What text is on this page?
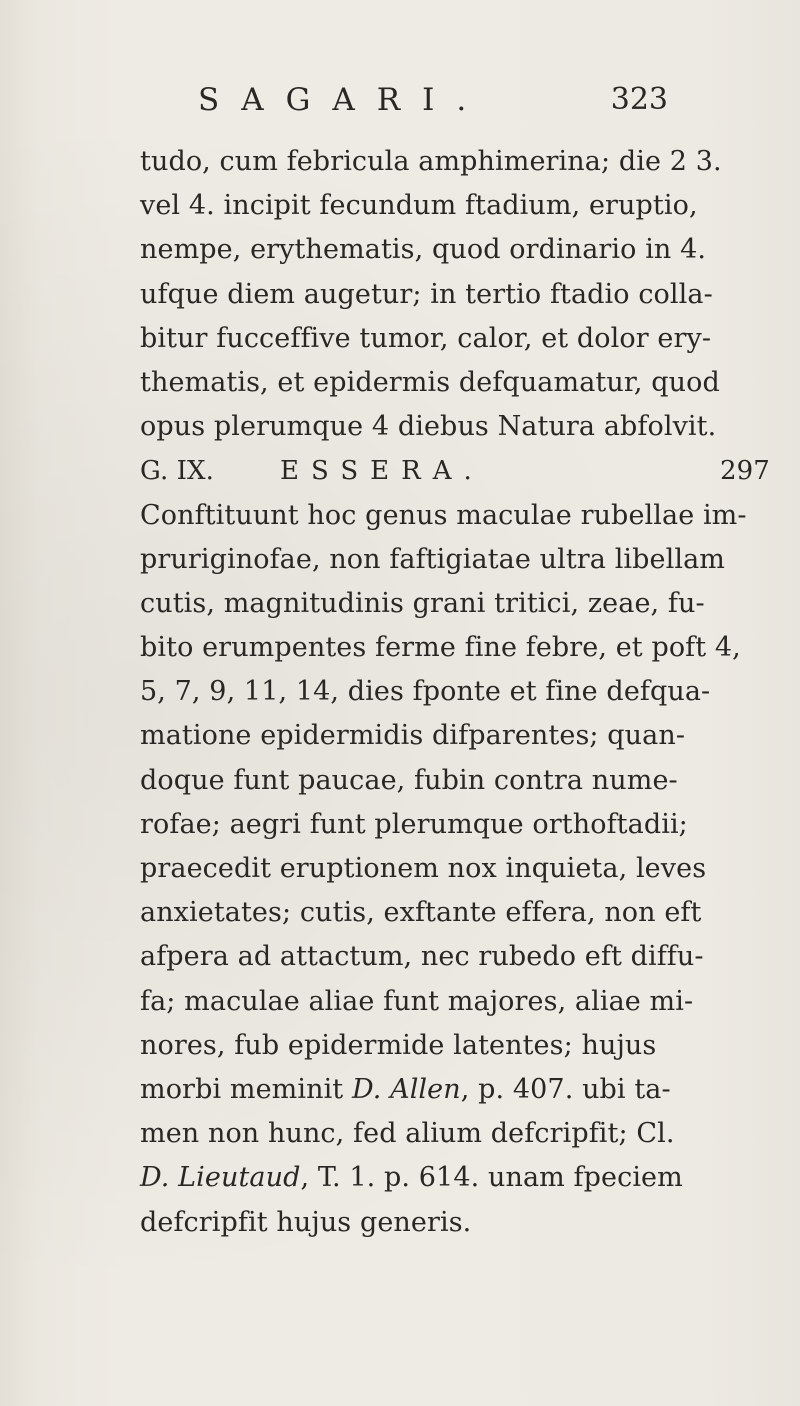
SAGARI.	323
tudo, cum febricula amphimerina; die 2 3.
vel 4. incipit fecundum ftadium, eruptio,
nempe, erythematis, quod ordinario in 4.
ufque diem augetur; in tertio ftadio colla-
bitur fucceffive tumor, calor, et dolor ery-
thematis, et epidermis defquamatur, quod
opus plerumque 4 diebus Natura abfolvit.
G. IX.	ESSERA.	297
Conftituunt hoc genus maculae rubellae im-
pruriginofae, non faftigiatae ultra libellam
cutis, magnitudinis grani tritici, zeae, fu-
bito erumpentes ferme fine febre, et poft 4,
5, 7, 9, 11, 14, dies fponte et fine defqua-
matione epidermidis difparentes; quan-
doque funt paucae, fubin contra nume-
rofae; aegri funt plerumque orthoftadii;
praecedit eruptionem nox inquieta, leves
anxietates; cutis, exftante effera, non eft
afpera ad attactum, nec rubedo eft diffu-
fa; maculae aliae funt majores, aliae mi-
nores, fub epidermide latentes; hujus
morbi meminit D. Allen, p. 407. ubi ta-
men non hunc, fed alium defcripfit; Cl.
D. Lieutaud, T. 1. p. 614. unam fpeciem
defcripfit hujus generis.
